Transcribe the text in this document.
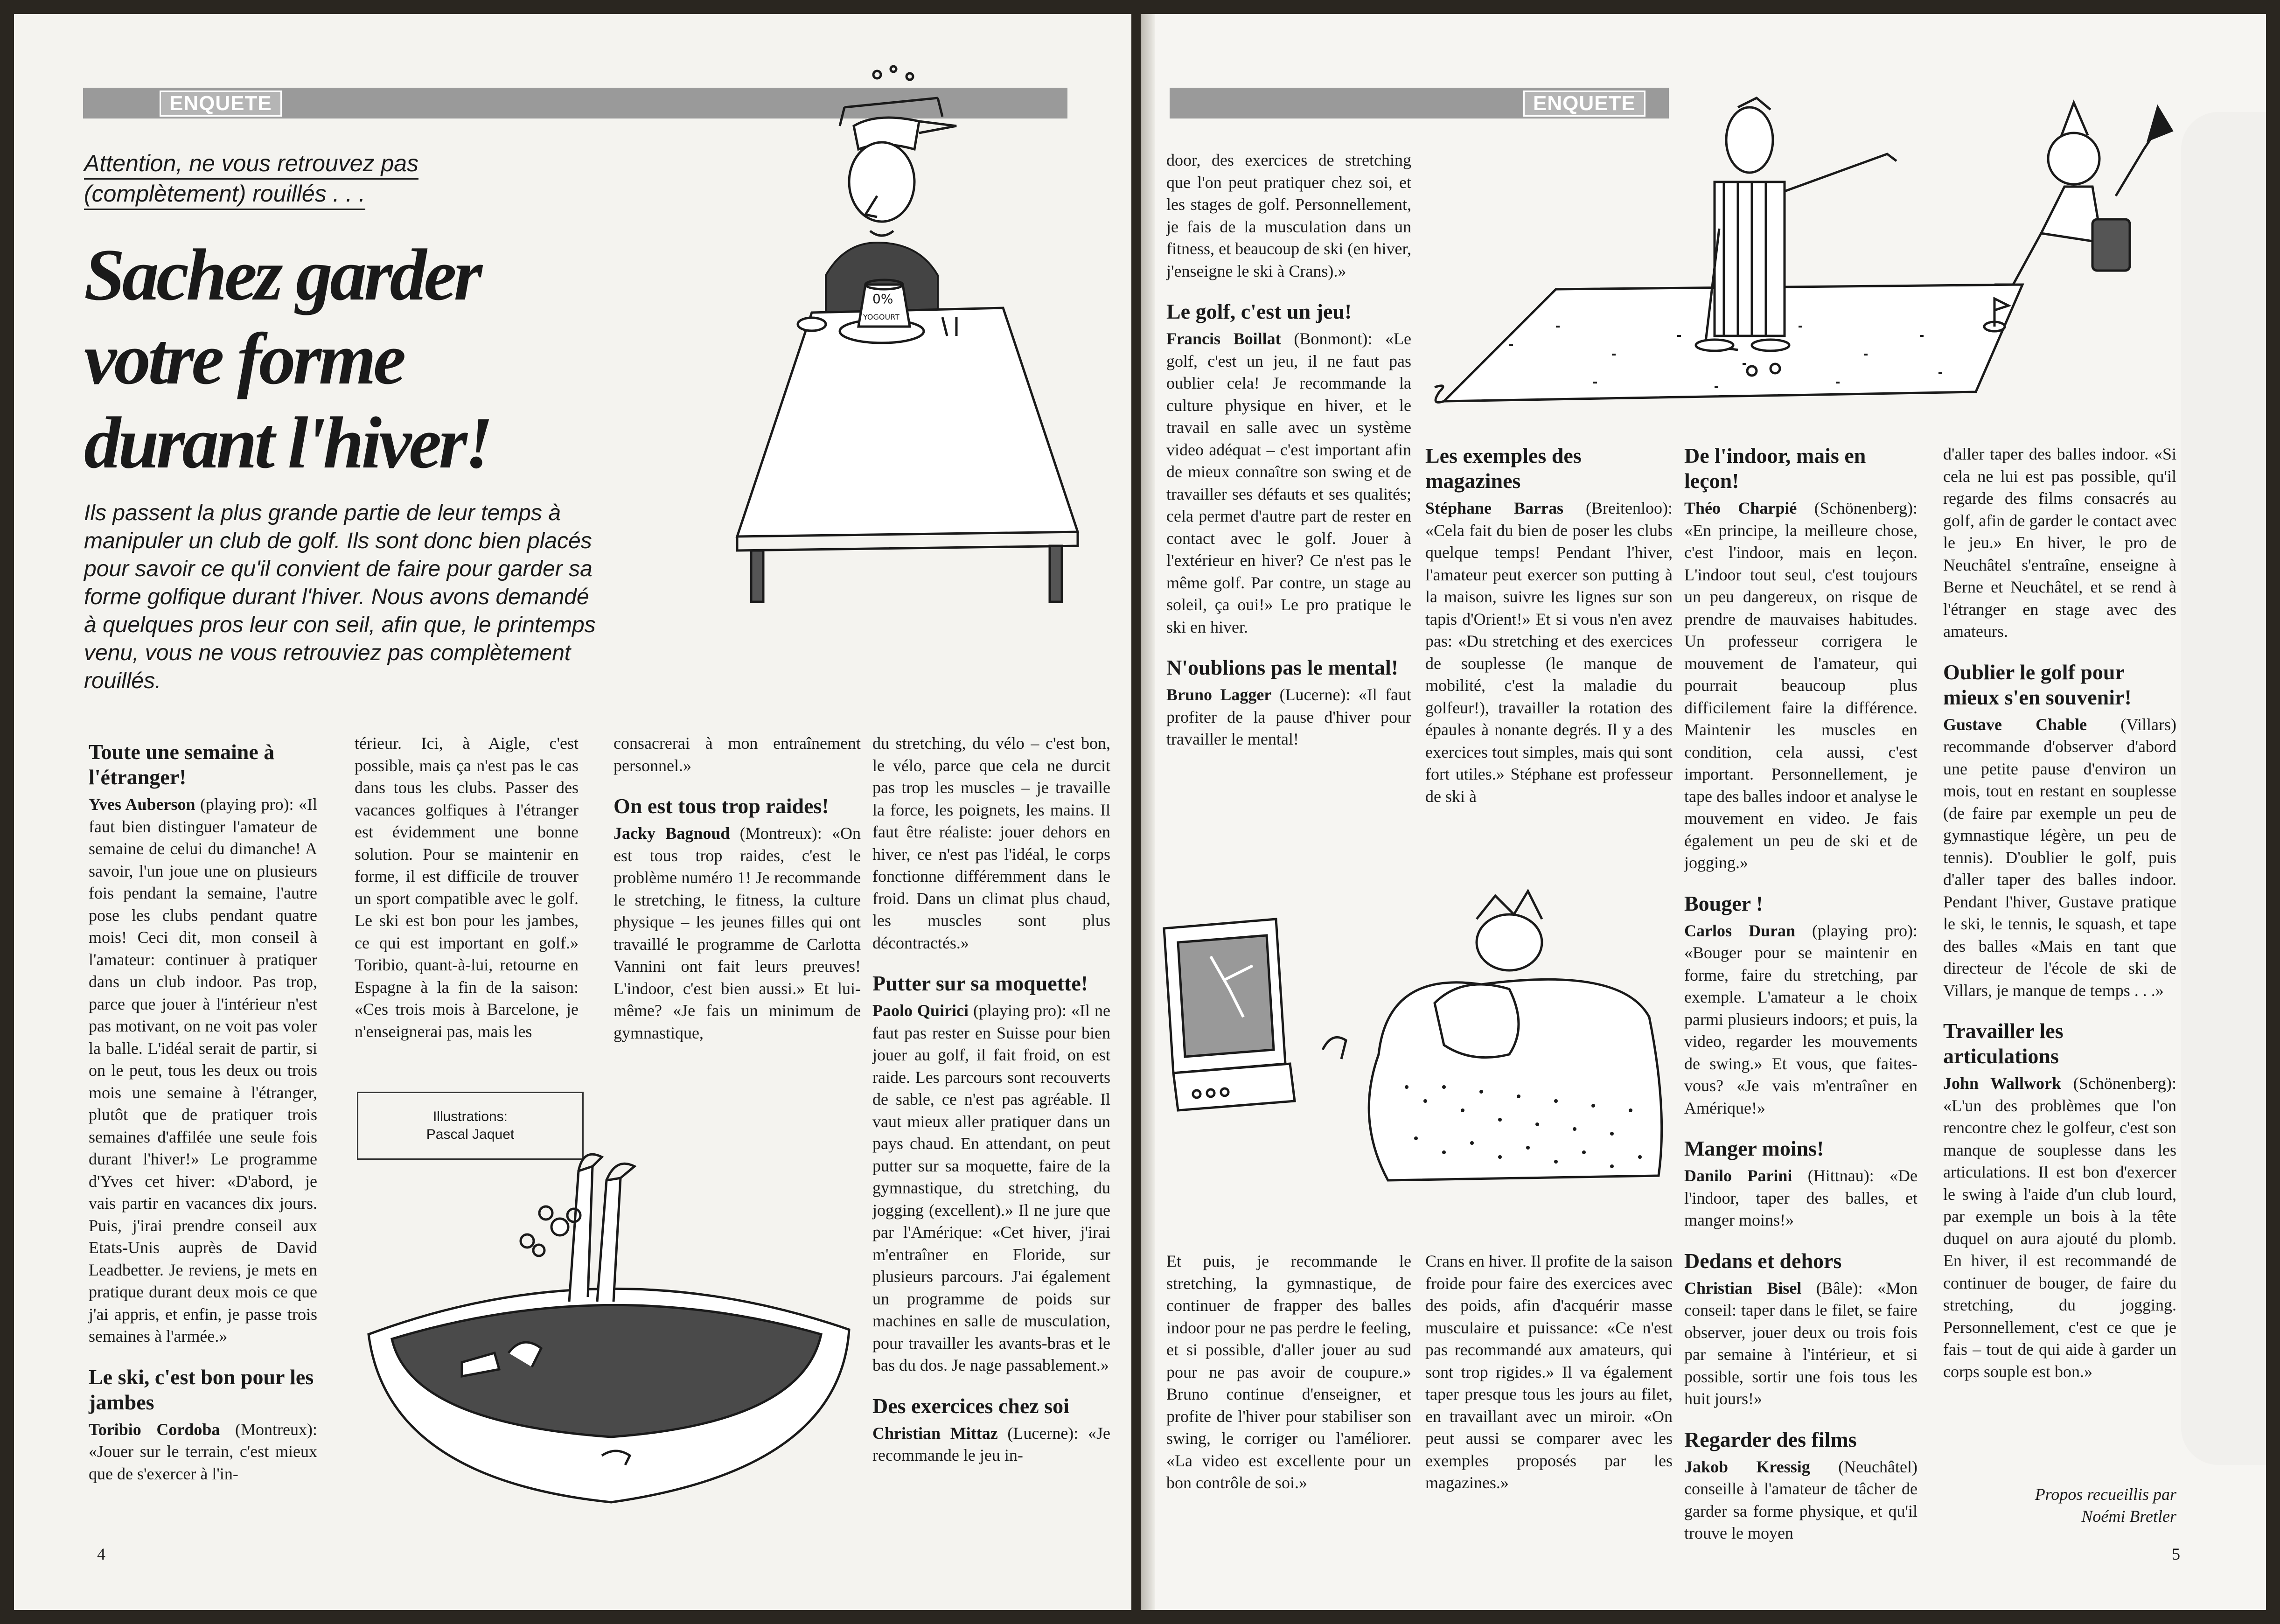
ENQUETE
Attention, ne vous retrouvez pas
(complètement) rouillés . . .
Sachez garder
votre forme
durant l'hiver!
Ils passent la plus grande partie de leur temps à manipuler un club de golf. Ils sont donc bien placés pour savoir ce qu'il convient de faire pour garder sa forme golfique durant l'hiver. Nous avons demandé à quelques pros leur con seil, afin que, le printemps venu, vous ne vous retrouviez pas complètement rouillés.
0%
YOGOURT
Toute une semaine à l'étranger!

Yves Auberson (playing pro): «Il faut bien distinguer l'amateur de semaine de celui du dimanche! A savoir, l'un joue une on plusieurs fois pendant la semaine, l'autre pose les clubs pendant quatre mois! Ceci dit, mon conseil à l'amateur: continuer à pratiquer dans un club indoor. Pas trop, parce que jouer à l'intérieur n'est pas motivant, on ne voit pas voler la balle. L'idéal serait de partir, si on le peut, tous les deux ou trois mois une semaine à l'étranger, plutôt que de pratiquer trois semaines d'affilée une seule fois durant l'hiver!» Le programme d'Yves cet hiver: «D'abord, je vais partir en vacances dix jours. Puis, j'irai prendre conseil aux Etats-Unis auprès de David Leadbetter. Je reviens, je mets en pratique durant deux mois ce que j'ai appris, et enfin, je passe trois semaines à l'armée.»

Le ski, c'est bon pour les jambes

Toribio Cordoba (Montreux): «Jouer sur le terrain, c'est mieux que de s'exercer à l'in-

térieur. Ici, à Aigle, c'est possible, mais ça n'est pas le cas dans tous les clubs. Passer des vacances golfiques à l'étranger est évidemment une bonne solution. Pour se maintenir en forme, il est difficile de trouver un sport compatible avec le golf. Le ski est bon pour les jambes, ce qui est important en golf.» Toribio, quant-à-lui, retourne en Espagne à la fin de la saison: «Ces trois mois à Barcelone, je n'enseignerai pas, mais les

Illustrations:
Pascal Jaquet

consacrerai à mon entraînement personnel.»

On est tous trop raides!

Jacky Bagnoud (Montreux): «On est tous trop raides, c'est le problème numéro 1! Je recommande le stretching, le fitness, la culture physique – les jeunes filles qui ont travaillé le programme de Carlotta Vannini ont fait leurs preuves! L'indoor, c'est bien aussi.» Et lui-même? «Je fais un minimum de gymnastique,

du stretching, du vélo – c'est bon, le vélo, parce que cela ne durcit pas trop les muscles – je travaille la force, les poignets, les mains. Il faut être réaliste: jouer dehors en hiver, ce n'est pas l'idéal, le corps fonctionne différemment dans le froid. Dans un climat plus chaud, les muscles sont plus décontractés.»

Putter sur sa moquette!

Paolo Quirici (playing pro): «Il ne faut pas rester en Suisse pour bien jouer au golf, il fait froid, on est raide. Les parcours sont recouverts de sable, ce n'est pas agréable. Il vaut mieux aller pratiquer dans un pays chaud. En attendant, on peut putter sur sa moquette, faire de la gymnastique, du stretching, du jogging (excellent).» Il ne jure que par l'Amérique: «Cet hiver, j'irai m'entraîner en Floride, sur plusieurs parcours. J'ai également un programme de poids sur machines en salle de musculation, pour travailler les avants-bras et le bas du dos. Je nage passablement.»

Des exercices chez soi

Christian Mittaz (Lucerne): «Je recommande le jeu in-

4
ENQUETE

door, des exercices de stretching que l'on peut pratiquer chez soi, et les stages de golf. Personnellement, je fais de la musculation dans un fitness, et beaucoup de ski (en hiver, j'enseigne le ski à Crans).»

Le golf, c'est un jeu!

Francis Boillat (Bonmont): «Le golf, c'est un jeu, il ne faut pas oublier cela! Je recommande la culture physique en hiver, et le travail en salle avec un système video adéquat – c'est important afin de mieux connaître son swing et de travailler ses défauts et ses qualités; cela permet d'autre part de rester en contact avec le golf. Jouer à l'extérieur en hiver? Ce n'est pas le même golf. Par contre, un stage au soleil, ça oui!» Le pro pratique le ski en hiver.

N'oublions pas le mental!

Bruno Lagger (Lucerne): «Il faut profiter de la pause d'hiver pour travailler le mental!

Et puis, je recommande le stretching, la gymnastique, de continuer de frapper des balles indoor pour ne pas perdre le feeling, et si possible, d'aller jouer au sud pour ne pas avoir de coupure.» Bruno continue d'enseigner, et profite de l'hiver pour stabiliser son swing, le corriger ou l'améliorer. «La video est excellente pour un bon contrôle de soi.»

Les exemples des magazines

Stéphane Barras (Breitenloo): «Cela fait du bien de poser les clubs quelque temps! Pendant l'hiver, l'amateur peut exercer son putting à la maison, suivre les lignes sur son tapis d'Orient!» Et si vous n'en avez pas: «Du stretching et des exercices de souplesse (le manque de mobilité, c'est la maladie du golfeur!), travailler la rotation des épaules à nonante degrés. Il y a des exercices tout simples, mais qui sont fort utiles.» Stéphane est professeur de ski à

Crans en hiver. Il profite de la saison froide pour faire des exercices avec des poids, afin d'acquérir masse musculaire et puissance: «Ce n'est pas recommandé aux amateurs, qui sont trop rigides.» Il va également taper presque tous les jours au filet, en travaillant avec un miroir. «On peut aussi se comparer avec les exemples proposés par les magazines.»

De l'indoor, mais en leçon!

Théo Charpié (Schönenberg): «En principe, la meilleure chose, c'est l'indoor, mais en leçon. L'indoor tout seul, c'est toujours un peu dangereux, on risque de prendre de mauvaises habitudes. Un professeur corrigera le mouvement de l'amateur, qui pourrait beaucoup plus difficilement faire la différence. Maintenir les muscles en condition, cela aussi, c'est important. Personnellement, je tape des balles indoor et analyse le mouvement en video. Je fais également un peu de ski et de jogging.»

Bouger !

Carlos Duran (playing pro): «Bouger pour se maintenir en forme, faire du stretching, par exemple. L'amateur a le choix parmi plusieurs indoors; et puis, la video, regarder les mouvements de swing.» Et vous, que faites-vous? «Je vais m'entraîner en Amérique!»

Manger moins!

Danilo Parini (Hittnau): «De l'indoor, taper des balles, et manger moins!»

Dedans et dehors

Christian Bisel (Bâle): «Mon conseil: taper dans le filet, se faire observer, jouer deux ou trois fois par semaine à l'intérieur, et si possible, sortir une fois tous les huit jours!»

Regarder des films

Jakob Kressig (Neuchâtel) conseille à l'amateur de tâcher de garder sa forme physique, et qu'il trouve le moyen

d'aller taper des balles indoor. «Si cela ne lui est pas possible, qu'il regarde des films consacrés au golf, afin de garder le contact avec le jeu.» En hiver, le pro de Neuchâtel s'entraîne, enseigne à Berne et Neuchâtel, et se rend à l'étranger en stage avec des amateurs.

Oublier le golf pour mieux s'en souvenir!

Gustave Chable (Villars) recommande d'observer d'abord une petite pause d'environ un mois, tout en restant en souplesse (de faire par exemple un peu de gymnastique légère, un peu de tennis). D'oublier le golf, puis d'aller taper des balles indoor. Pendant l'hiver, Gustave pratique le ski, le tennis, le squash, et tape des balles «Mais en tant que directeur de l'école de ski de Villars, je manque de temps . . .»

Travailler les articulations

John Wallwork (Schönenberg): «L'un des problèmes que l'on rencontre chez le golfeur, c'est son manque de souplesse dans les articulations. Il est bon d'exercer le swing à l'aide d'un club lourd, par exemple un bois à la tête duquel on aura ajouté du plomb. En hiver, il est recommandé de continuer de bouger, de faire du stretching, du jogging. Personnellement, c'est ce que je fais – tout de qui aide à garder un corps souple est bon.»

Propos recueillis par
Noémi Bretler
5
